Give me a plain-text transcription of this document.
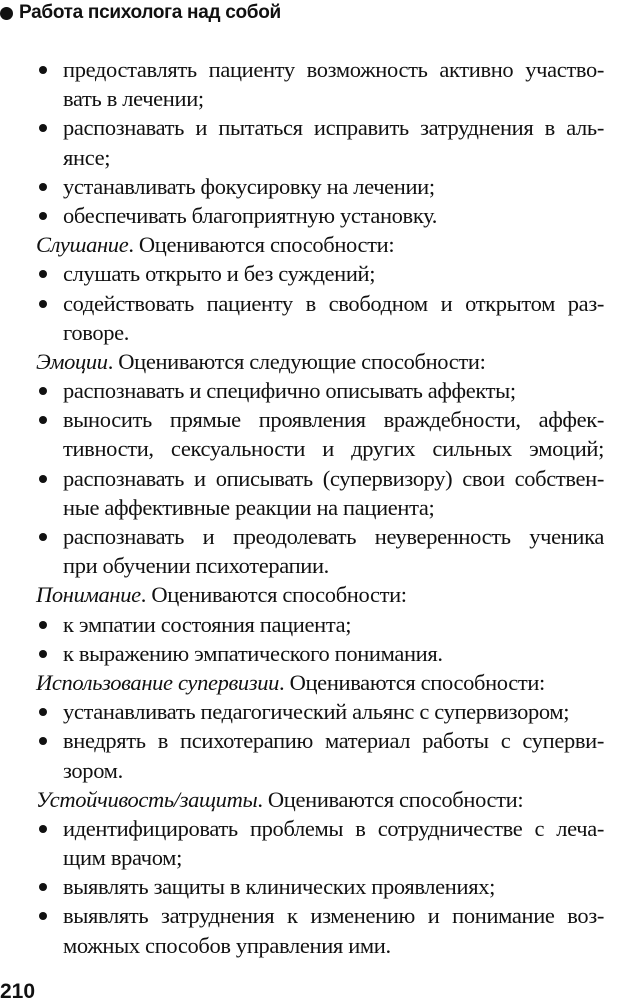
Работа психолога над собой
предоставлять пациенту возможность активно участво-
вать в лечении;
распознавать и пытаться исправить затруднения в аль-
янсе;
устанавливать фокусировку на лечении;
обеспечивать благоприятную установку.
Слушание. Оцениваются способности:
слушать открыто и без суждений;
содействовать пациенту в свободном и открытом раз-
говоре.
Эмоции. Оцениваются следующие способности:
распознавать и специфично описывать аффекты;
выносить прямые проявления враждебности, аффек-
тивности, сексуальности и других сильных эмоций;
распознавать и описывать (супервизору) свои собствен-
ные аффективные реакции на пациента;
распознавать и преодолевать неуверенность ученика
при обучении психотерапии.
Понимание. Оцениваются способности:
к эмпатии состояния пациента;
к выражению эмпатического понимания.
Использование супервизии. Оцениваются способности:
устанавливать педагогический альянс с супервизором;
внедрять в психотерапию материал работы с суперви-
зором.
Устойчивость/защиты. Оцениваются способности:
идентифицировать проблемы в сотрудничестве с леча-
щим врачом;
выявлять защиты в клинических проявлениях;
выявлять затруднения к изменению и понимание воз-
можных способов управления ими.
210
